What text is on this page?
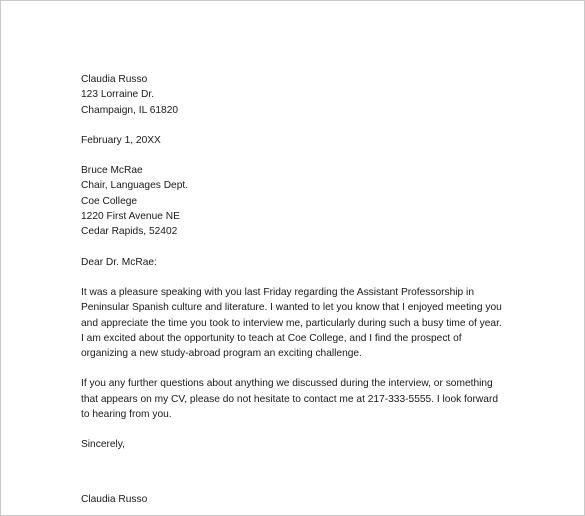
Claudia Russo
123 Lorraine Dr.
Champaign, IL 61820
February 1, 20XX
Bruce McRae
Chair, Languages Dept.
Coe College
1220 First Avenue NE
Cedar Rapids, 52402
Dear Dr. McRae:
It was a pleasure speaking with you last Friday regarding the Assistant Professorship in
Peninsular Spanish culture and literature. I wanted to let you know that I enjoyed meeting you
and appreciate the time you took to interview me, particularly during such a busy time of year.
I am excited about the opportunity to teach at Coe College, and I find the prospect of
organizing a new study-abroad program an exciting challenge.
If you any further questions about anything we discussed during the interview, or something
that appears on my CV, please do not hesitate to contact me at 217-333-5555. I look forward
to hearing from you.
Sincerely,
Claudia Russo
